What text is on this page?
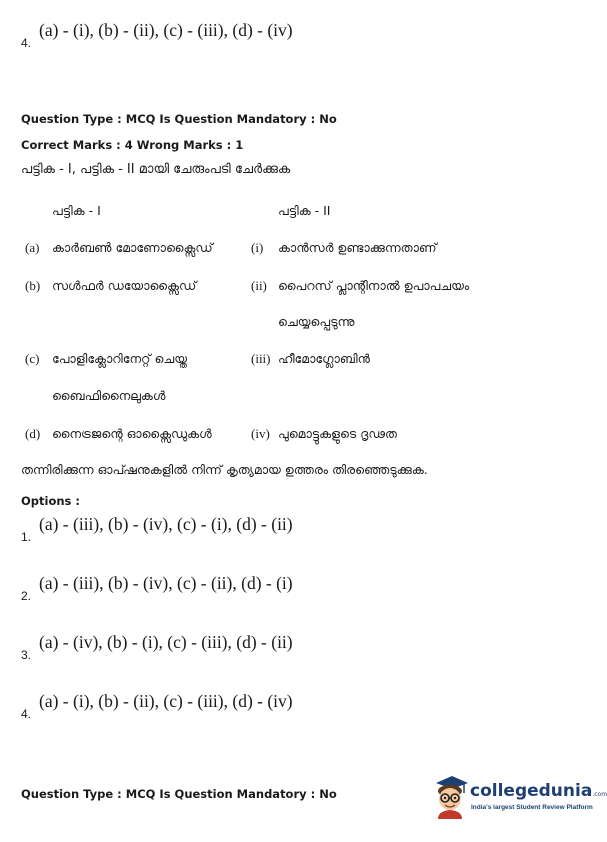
4.
(a) - (i), (b) - (ii), (c) - (iii), (d) - (iv)
Question Type : MCQ Is Question Mandatory : No
Correct Marks : 4 Wrong Marks : 1
പട്ടിക - I, പട്ടിക - II മായി ചേരുംപടി ചേർക്കുക
പട്ടിക - I	പട്ടിക - II
(a) കാർബൺ മോണോക്സൈഡ്	(i) കാൻസർ ഉണ്ടാക്കുന്നതാണ്
(b) സൾഫർ ഡയോക്സൈഡ്	(ii) പൈറസ് പ്ലാന്റിനാൽ ഉപാപചയം
ചെയ്യപ്പെടുന്നു
(c) പോളിക്ലോറിനേറ്റ് ചെയ്ത	(iii) ഹീമോഗ്ലോബിൻ
ബൈഫിനൈലുകൾ
(d) നൈട്രജന്റെ ഓക്സൈഡുകൾ	(iv) പുമൊട്ടുകളുടെ ദൃഢത
തന്നിരിക്കുന്ന ഓപ്ഷനുകളിൽ നിന്ന് കൃത്യമായ ഉത്തരം തിരഞ്ഞെടുക്കുക.
Options :
1.
(a) - (iii), (b) - (iv), (c) - (i), (d) - (ii)
2.
(a) - (iii), (b) - (iv), (c) - (ii), (d) - (i)
3.
(a) - (iv), (b) - (i), (c) - (iii), (d) - (ii)
4.
(a) - (i), (b) - (ii), (c) - (iii), (d) - (iv)
Question Type : MCQ Is Question Mandatory : No	collegedunia.com
India's largest Student Review Platform
